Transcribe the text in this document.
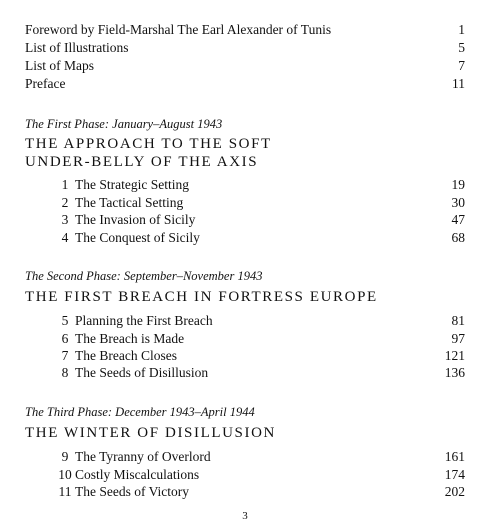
Foreword by Field-Marshal The Earl Alexander of Tunis	1
List of Illustrations	5
List of Maps	7
Preface	11
The First Phase: January–August 1943
THE APPROACH TO THE SOFT
UNDER-BELLY OF THE AXIS
1 The Strategic Setting	19
2 The Tactical Setting	30
3 The Invasion of Sicily	47
4 The Conquest of Sicily	68
The Second Phase: September–November 1943
THE FIRST BREACH IN FORTRESS EUROPE
5 Planning the First Breach	81
6 The Breach is Made	97
7 The Breach Closes	121
8 The Seeds of Disillusion	136
The Third Phase: December 1943–April 1944
THE WINTER OF DISILLUSION
9 The Tyranny of Overlord	161
10 Costly Miscalculations	174
11 The Seeds of Victory	202
3
